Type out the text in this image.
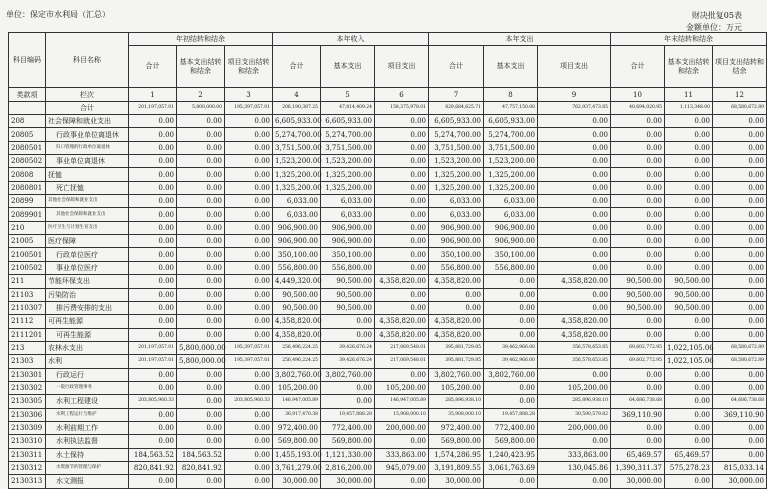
单位：保定市水利局（汇总）	财决批复05表
金额单位：万元
科目编码	科目名称	年初结转和结余			本年收入			本年支出			年末结转和结余		
		合计	基本支出结转和结余	项目支出结转和结余	合计	基本支出	项目支出	合计	基本支出	项目支出	合计	基本支出结转和结余	项目支出结转和结余
类款项	栏次	1	2	3	4	5	6	7	8	9	10	11	12
	合计	201,197,057.01	5,800,000.00	195,397,057.01	206,190,387.25	47,814,409.24	158,375,978.01	829,684,625.71	47,757,150.00	762,937,473.85	40,694,020.95	1,113,348.00	68,580,672.89
208	社会保障和就业支出	0.00	0.00	0.00	6,605,933.00	6,605,933.00	0.00	6,605,933.00	6,605,933.00	0.00	0.00	0.00	0.00
20805	行政事业单位离退休	0.00	0.00	0.00	5,274,700.00	5,274,700.00	0.00	5,274,700.00	5,274,700.00	0.00	0.00	0.00	0.00
2080501	归口管理的行政单位离退休	0.00	0.00	0.00	3,751,500.00	3,751,500.00	0.00	3,751,500.00	3,751,500.00	0.00	0.00	0.00	0.00
2080502	事业单位离退休	0.00	0.00	0.00	1,523,200.00	1,523,200.00	0.00	1,523,200.00	1,523,200.00	0.00	0.00	0.00	0.00
20808	抚恤	0.00	0.00	0.00	1,325,200.00	1,325,200.00	0.00	1,325,200.00	1,325,200.00	0.00	0.00	0.00	0.00
2080801	死亡抚恤	0.00	0.00	0.00	1,325,200.00	1,325,200.00	0.00	1,325,200.00	1,325,200.00	0.00	0.00	0.00	0.00
20899	其他社会保障和就业支出	0.00	0.00	0.00	6,033.00	6,033.00	0.00	6,033.00	6,033.00	0.00	0.00	0.00	0.00
2089901	其他社会保障和就业支出	0.00	0.00	0.00	6,033.00	6,033.00	0.00	6,033.00	6,033.00	0.00	0.00	0.00	0.00
210	医疗卫生与计划生育支出	0.00	0.00	0.00	906,900.00	906,900.00	0.00	906,900.00	906,900.00	0.00	0.00	0.00	0.00
21005	医疗保障	0.00	0.00	0.00	906,900.00	906,900.00	0.00	906,900.00	906,900.00	0.00	0.00	0.00	0.00
2100501	行政单位医疗	0.00	0.00	0.00	350,100.00	350,100.00	0.00	350,100.00	350,100.00	0.00	0.00	0.00	0.00
2100502	事业单位医疗	0.00	0.00	0.00	556,800.00	556,800.00	0.00	556,800.00	556,800.00	0.00	0.00	0.00	0.00
211	节能环保支出	0.00	0.00	0.00	4,449,320.00	90,500.00	4,358,820.00	4,358,820.00	0.00	4,358,820.00	90,500.00	90,500.00	0.00
21103	污染防治	0.00	0.00	0.00	90,500.00	90,500.00	0.00	0.00	0.00	0.00	90,500.00	90,500.00	0.00
2110307	排污费安排的支出	0.00	0.00	0.00	90,500.00	90,500.00	0.00	0.00	0.00	0.00	90,500.00	90,500.00	0.00
21112	可再生能源	0.00	0.00	0.00	4,358,820.00	0.00	4,358,820.00	4,358,820.00	0.00	4,358,820.00	0.00	0.00	0.00
2111201	可再生能源	0.00	0.00	0.00	4,358,820.00	0.00	4,358,820.00	4,358,820.00	0.00	4,358,820.00	0.00	0.00	0.00
213	农林水支出	201,197,057.01	5,800,000.00	195,397,057.01	256,496,224.25	39,426,676.24	217,069,548.01	395,881,729.85	39,462,966.00	356,578,653.85	69,602,772.95	1,022,105.06	68,580,672.89
21303	水利	201,197,057.01	5,800,000.00	195,397,057.01	256,496,224.25	39,426,676.24	217,069,548.01	395,881,729.85	39,462,966.00	356,578,653.85	69,602,772.95	1,022,105.06	68,580,672.89
2130301	行政运行	0.00	0.00	0.00	3,802,760.00	3,802,760.00	0.00	3,802,760.00	3,802,760.00	0.00	0.00	0.00	0.00
2130302	一般行政管理事务	0.00	0.00	0.00	105,200.00	0.00	105,200.00	105,200.00	0.00	105,200.00	0.00	0.00	0.00
2130305	水利工程建设	203,805,960.33	0.00	203,805,960.33	146,947,005.89	0.00	146,947,005.89	285,896,938.10	0.00	285,896,938.10	64,686,738.68	0.00	64,686,738.68
2130306	水利工程运行与维护	0.00	0.00	0.00	36,917,470.38	19,457,888.28	15,908,000.10	35,908,000.10	19,457,888.28	30,590,579.82	369,110.90	0.00	369,110.90
2130309	水利前期工作	0.00	0.00	0.00	972,400.00	772,400.00	200,000.00	972,400.00	772,400.00	200,000.00	0.00	0.00	0.00
2130310	水利执法监督	0.00	0.00	0.00	569,800.00	569,800.00	0.00	569,800.00	569,800.00	0.00	0.00	0.00	0.00
2130311	水土保持	184,563.52	184,563.52	0.00	1,455,193.00	1,121,330.00	333,863.00	1,574,286.95	1,240,423.95	333,863.00	65,469.57	65,469.57	0.00
2130312	水资源节约管理与保护	820,841.92	820,841.92	0.00	3,761,279.00	2,816,200.00	945,079.00	3,191,809.55	3,061,763.69	130,045.86	1,390,311.37	575,278.23	815,033.14
2130313	水文测报	0.00	0.00	0.00	30,000.00	30,000.00	0.00	30,000.00	0.00	0.00	30,000.00	0.00	30,000.00
